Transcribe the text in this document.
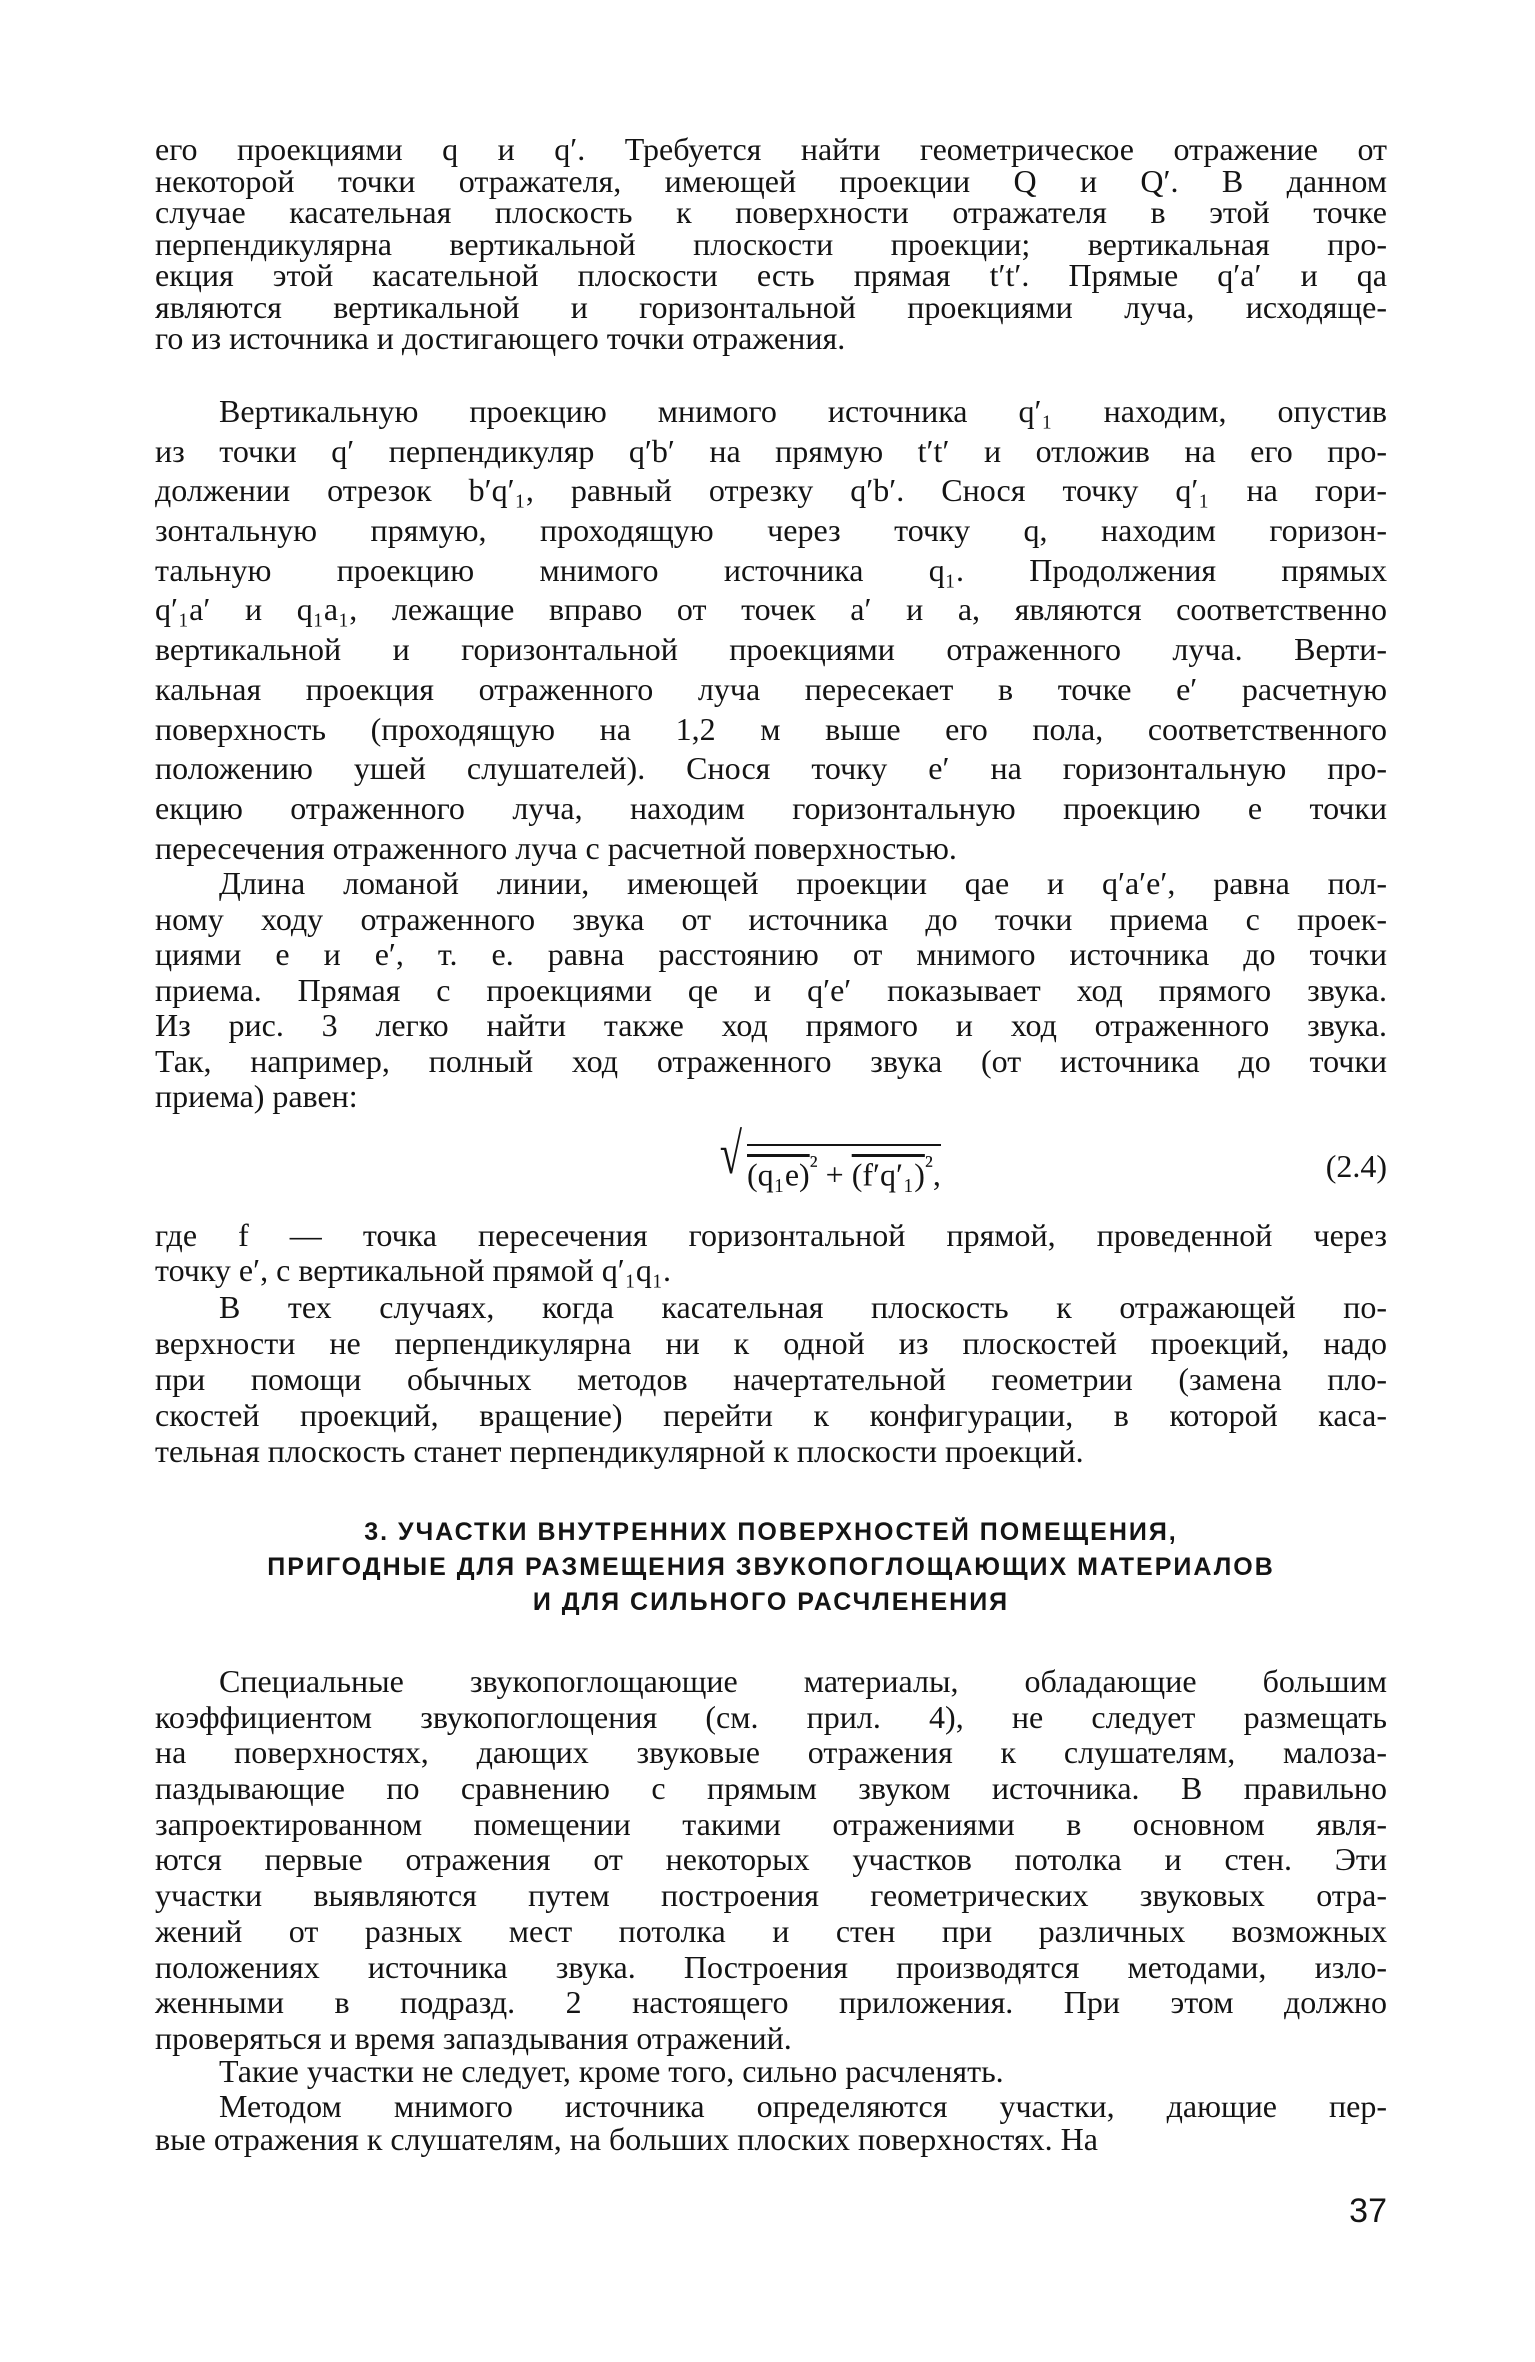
его проекциями q и q′. Требуется найти геометрическое отражение от
некоторой точки отражателя, имеющей проекции Q и Q′. В данном
случае касательная плоскость к поверхности отражателя в этой точке
перпендикулярна вертикальной плоскости проекции; вертикальная про-
екция этой касательной плоскости есть прямая t′t′. Прямые q′a′ и qa
являются вертикальной и горизонтальной проекциями луча, исходяще-
го из источника и достигающего точки отражения.
Вертикальную проекцию мнимого источника q′₁ находим, опустив
из точки q′ перпендикуляр q′b′ на прямую t′t′ и отложив на его про-
должении отрезок b′q′₁, равный отрезку q′b′. Снося точку q′₁ на гори-
зонтальную прямую, проходящую через точку q, находим горизон-
тальную проекцию мнимого источника q₁. Продолжения прямых
q′₁a′ и q₁a₁, лежащие вправо от точек a′ и a, являются соответственно
вертикальной и горизонтальной проекциями отраженного луча. Верти-
кальная проекция отраженного луча пересекает в точке e′ расчетную
поверхность (проходящую на 1,2 м выше его пола, соответственного
положению ушей слушателей). Снося точку e′ на горизонтальную про-
екцию отраженного луча, находим горизонтальную проекцию e точки
пересечения отраженного луча с расчетной поверхностью.
Длина ломаной линии, имеющей проекции qae и q′a′e′, равна пол-
ному ходу отраженного звука от источника до точки приема с проек-
циями e и e′, т. е. равна расстоянию от мнимого источника до точки
приема. Прямая с проекциями qe и q′e′ показывает ход прямого звука.
Из рис. 3 легко найти также ход прямого и ход отраженного звука.
Так, например, полный ход отраженного звука (от источника до точки
приема) равен:
√ $(q_1e)^{^2} + (f'q'_1)^{^2}$,	(2.4)
где f — точка пересечения горизонтальной прямой, проведенной через
точку e′, с вертикальной прямой q′₁q₁.
В тех случаях, когда касательная плоскость к отражающей по-
верхности не перпендикулярна ни к одной из плоскостей проекций, надо
при помощи обычных методов начертательной геометрии (замена пло-
скостей проекций, вращение) перейти к конфигурации, в которой каса-
тельная плоскость станет перпендикулярной к плоскости проекций.
3. УЧАСТКИ ВНУТРЕННИХ ПОВЕРХНОСТЕЙ ПОМЕЩЕНИЯ,
ПРИГОДНЫЕ ДЛЯ РАЗМЕЩЕНИЯ ЗВУКОПОГЛОЩАЮЩИХ МАТЕРИАЛОВ
И ДЛЯ СИЛЬНОГО РАСЧЛЕНЕНИЯ
Специальные звукопоглощающие материалы, обладающие большим
коэффициентом звукопоглощения (см. прил. 4), не следует размещать
на поверхностях, дающих звуковые отражения к слушателям, малоза-
паздывающие по сравнению с прямым звуком источника. В правильно
запроектированном помещении такими отражениями в основном явля-
ются первые отражения от некоторых участков потолка и стен. Эти
участки выявляются путем построения геометрических звуковых отра-
жений от разных мест потолка и стен при различных возможных
положениях источника звука. Построения производятся методами, изло-
женными в подразд. 2 настоящего приложения. При этом должно
проверяться и время запаздывания отражений.
Такие участки не следует, кроме того, сильно расчленять.
Методом мнимого источника определяются участки, дающие пер-
вые отражения к слушателям, на больших плоских поверхностях. На
37
